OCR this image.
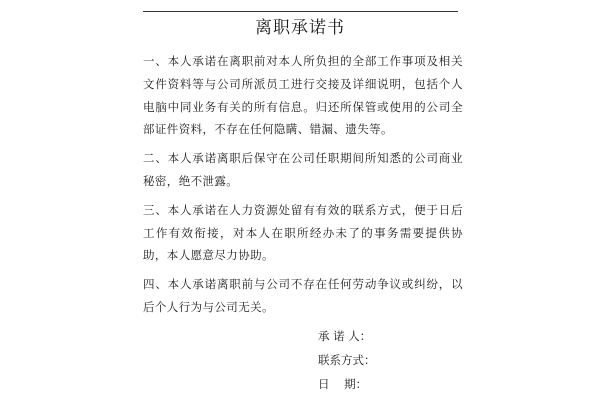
离职承诺书

一、本人承诺在离职前对本人所负担的全部工作事项及相关文件资料等与公司所派员工进行交接及详细说明，包括个人电脑中同业务有关的所有信息。归还所保管或使用的公司全部证件资料，不存在任何隐瞒、错漏、遗失等。

二、本人承诺离职后保守在公司任职期间所知悉的公司商业秘密，绝不泄露。

三、本人承诺在人力资源处留有有效的联系方式，便于日后工作有效衔接，对本人在职所经办未了的事务需要提供协助，本人愿意尽力协助。

四、本人承诺离职前与公司不存在任何劳动争议或纠纷，以后个人行为与公司无关。

承 诺 人：
联系方式：
日    期：
